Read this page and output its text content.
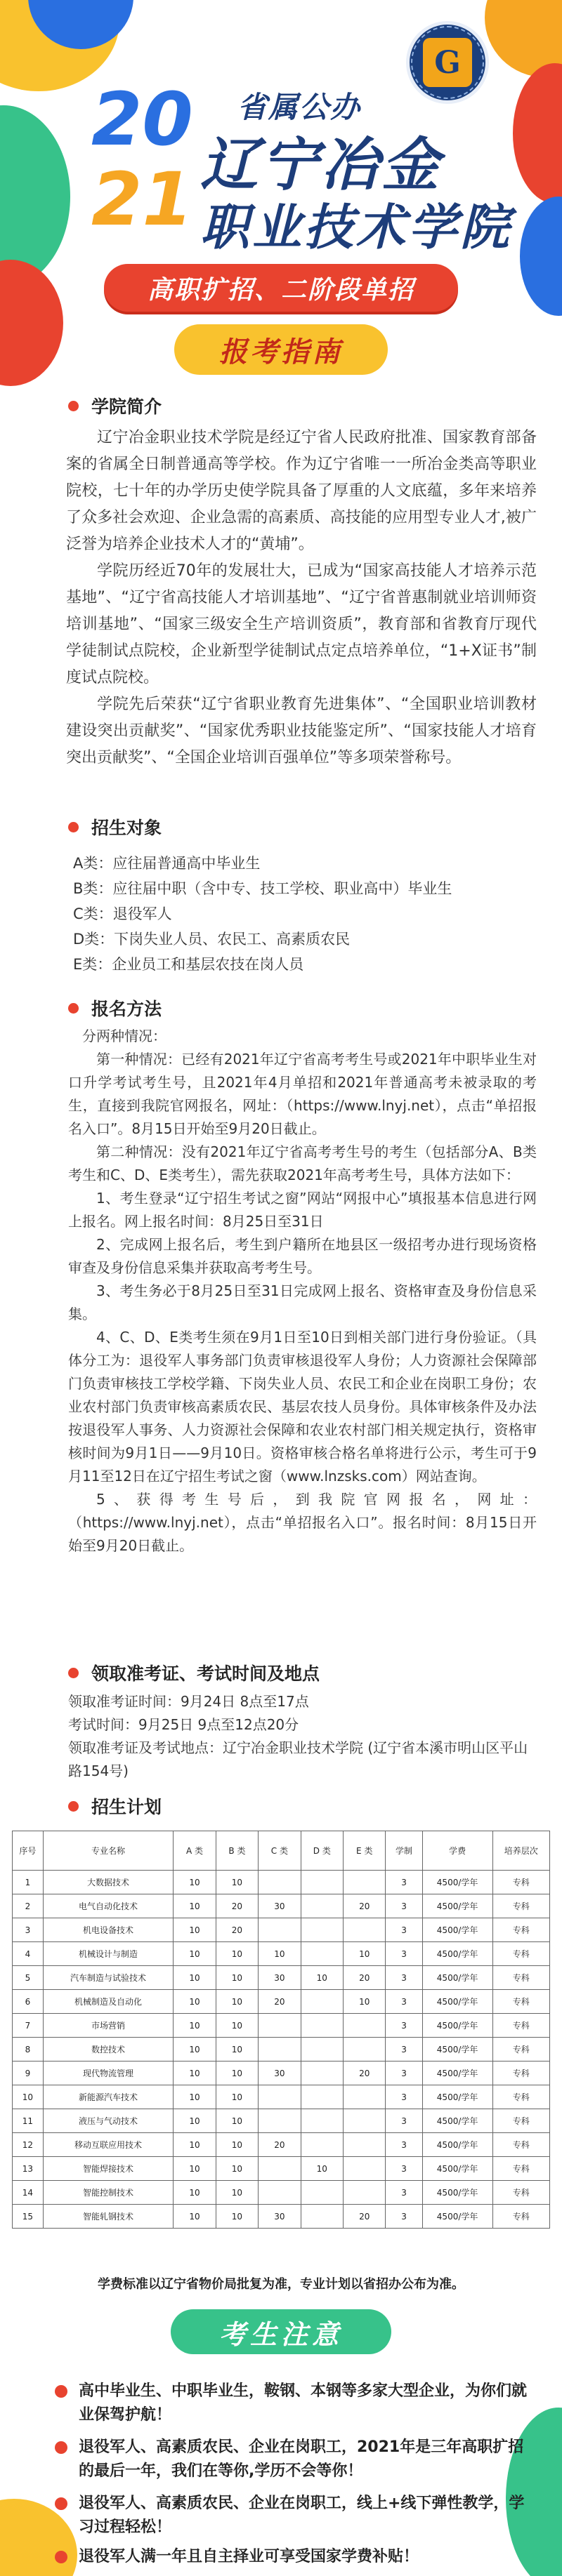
G
20
21
省属公办
辽宁冶金
职业技术学院
高职扩招、二阶段单招
报考指南
学院简介

辽宁冶金职业技术学院是经辽宁省人民政府批准、国家教育部备案的省属全日制普通高等学校。作为辽宁省唯一一所冶金类高等职业院校，七十年的办学历史使学院具备了厚重的人文底蕴，多年来培养了众多社会欢迎、企业急需的高素质、高技能的应用型专业人才,被广泛誉为培养企业技术人才的“黄埔”。

学院历经近70年的发展壮大，已成为“国家高技能人才培养示范基地”、“辽宁省高技能人才培训基地”、“辽宁省普惠制就业培训师资培训基地”、“国家三级安全生产培训资质”，教育部和省教育厅现代学徒制试点院校，企业新型学徒制试点定点培养单位，“1+X证书”制度试点院校。

学院先后荣获“辽宁省职业教育先进集体”、“全国职业培训教材建设突出贡献奖”、“国家优秀职业技能鉴定所”、“国家技能人才培育突出贡献奖”、“全国企业培训百强单位”等多项荣誉称号。

招生对象
A类：应往届普通高中毕业生
B类：应往届中职（含中专、技工学校、职业高中）毕业生
C类：退役军人
D类：下岗失业人员、农民工、高素质农民
E类：企业员工和基层农技在岗人员
报名方法

分两种情况：

第一种情况：已经有2021年辽宁省高考考生号或2021年中职毕业生对口升学考试考生号，且2021年4月单招和2021年普通高考未被录取的考生，直接到我院官网报名，网址：（https://www.lnyj.net），点击“单招报名入口”。8月15日开始至9月20日截止。

第二种情况：没有2021年辽宁省高考考生号的考生（包括部分A、B类考生和C、D、E类考生），需先获取2021年高考考生号，具体方法如下：

1、考生登录“辽宁招生考试之窗”网站“网报中心”填报基本信息进行网上报名。网上报名时间：8月25日至31日

2、完成网上报名后，考生到户籍所在地县区一级招考办进行现场资格审查及身份信息采集并获取高考考生号。

3、考生务必于8月25日至31日完成网上报名、资格审查及身份信息采集。

4、C、D、E类考生须在9月1日至10日到相关部门进行身份验证。（具体分工为：退役军人事务部门负责审核退役军人身份；人力资源社会保障部门负责审核技工学校学籍、下岗失业人员、农民工和企业在岗职工身份；农业农村部门负责审核高素质农民、基层农技人员身份。具体审核条件及办法按退役军人事务、人力资源社会保障和农业农村部门相关规定执行，资格审核时间为9月1日——9月10日。资格审核合格名单将进行公示，考生可于9月11至12日在辽宁招生考试之窗（www.lnzsks.com）网站查询。

5、获得考生号后，到我院官网报名，网址：（https://www.lnyj.net），点击“单招报名入口”。报名时间：8月15日开始至9月20日截止。

领取准考证、考试时间及地点
领取准考证时间：9月24日 8点至17点
考试时间：9月25日 9点至12点20分
领取准考证及考试地点：辽宁冶金职业技术学院 (辽宁省本溪市明山区平山路154号)
招生计划
序号	专业名称	A 类	B 类	C 类	D 类	E 类	学制	学费	培养层次
1	大数据技术	10	10				3	4500/学年	专科
2	电气自动化技术	10	20	30		20	3	4500/学年	专科
3	机电设备技术	10	20				3	4500/学年	专科
4	机械设计与制造	10	10	10		10	3	4500/学年	专科
5	汽车制造与试验技术	10	10	30	10	20	3	4500/学年	专科
6	机械制造及自动化	10	10	20		10	3	4500/学年	专科
7	市场营销	10	10				3	4500/学年	专科
8	数控技术	10	10				3	4500/学年	专科
9	现代物流管理	10	10	30		20	3	4500/学年	专科
10	新能源汽车技术	10	10				3	4500/学年	专科
11	液压与气动技术	10	10				3	4500/学年	专科
12	移动互联应用技术	10	10	20			3	4500/学年	专科
13	智能焊接技术	10	10		10		3	4500/学年	专科
14	智能控制技术	10	10				3	4500/学年	专科
15	智能轧钢技术	10	10	30		20	3	4500/学年	专科
学费标准以辽宁省物价局批复为准，专业计划以省招办公布为准。
考生注意
高中毕业生、中职毕业生，鞍钢、本钢等多家大型企业，为你们就业保驾护航！
退役军人、高素质农民、企业在岗职工，2021年是三年高职扩招的最后一年，我们在等你,学历不会等你！
退役军人、高素质农民、企业在岗职工，线上+线下弹性教学，学习过程轻松！
退役军人满一年且自主择业可享受国家学费补贴！
